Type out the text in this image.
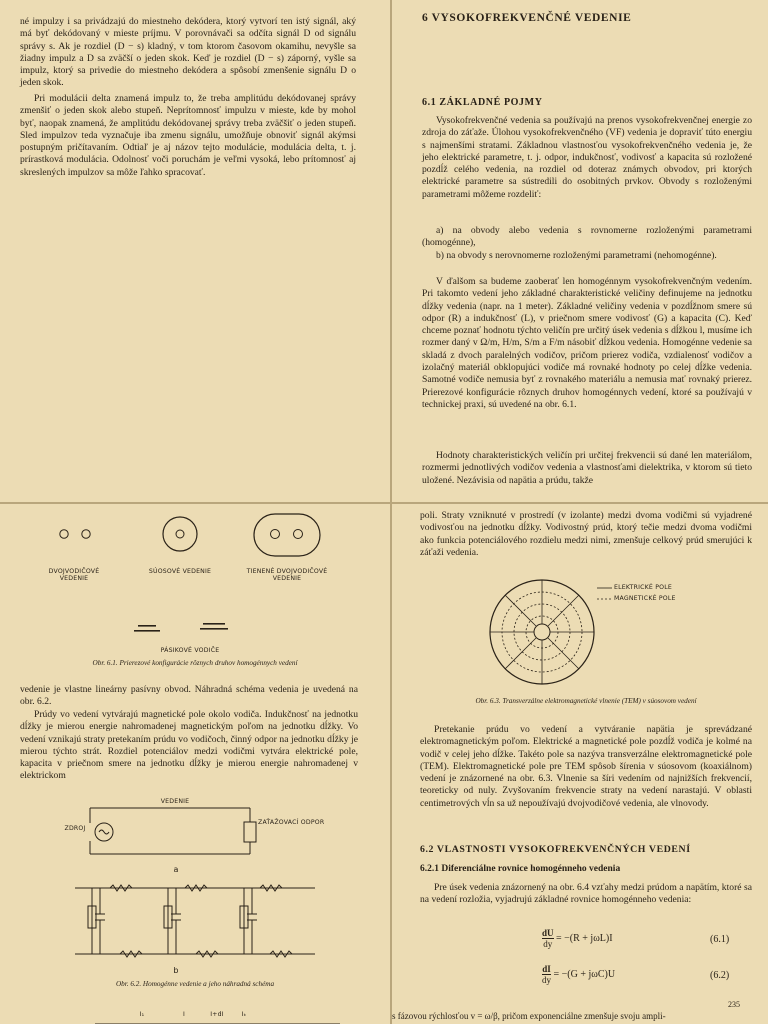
né impulzy i sa privádzajú do miestneho dekódera, ktorý vytvorí ten istý signál, aký má byť dekódovaný v mieste príjmu. V porovnávači sa odčíta signál D od signálu správy s. Ak je rozdiel (D − s) kladný, v tom ktorom časovom okamihu, nevyšle sa žiadny impulz a D sa zväčší o jeden skok. Keď je rozdiel (D − s) záporný, vyšle sa impulz, ktorý sa privedie do miestneho dekódera a spôsobí zmenšenie signálu D o jeden skok.

Pri modulácii delta znamená impulz to, že treba amplitúdu dekódovanej správy zmenšiť o jeden skok alebo stupeň. Neprítomnosť impulzu v mieste, kde by mohol byť, naopak znamená, že amplitúdu dekódovanej správy treba zväčšiť o jeden stupeň. Sled impulzov teda vyznačuje iba zmenu signálu, umožňuje obnoviť signál akýmsi postupným pričítavaním. Odtiaľ je aj názov tejto modulácie, modulácia delta, t. j. prírastková modulácia. Odolnosť voči poruchám je veľmi vysoká, lebo prítomnosť aj skreslených impulzov sa môže ľahko spracovať.

6 VYSOKOFREKVENČNÉ VEDENIE
6.1 ZÁKLADNÉ POJMY

Vysokofrekvenčné vedenia sa používajú na prenos vysokofrekvenčnej energie zo zdroja do záťaže. Úlohou vysokofrekvenčného (VF) vedenia je dopraviť túto energiu s najmenšími stratami. Základnou vlastnosťou vysokofrekvenčného vedenia je, že jeho elektrické parametre, t. j. odpor, indukčnosť, vodivosť a kapacita sú rozložené pozdĺž celého vedenia, na rozdiel od doteraz známych obvodov, pri ktorých elektrické parametre sa sústredili do osobitných prvkov. Obvody s rozloženými parametrami môžeme rozdeliť:

a) na obvody alebo vedenia s rovnomerne rozloženými parametrami (homogénne),

b) na obvody s nerovnomerne rozloženými parametrami (nehomogénne).

V ďalšom sa budeme zaoberať len homogénnym vysokofrekvenčným vedením. Pri takomto vedení jeho základné charakteristické veličiny definujeme na jednotku dĺžky vedenia (napr. na 1 meter). Základné veličiny vedenia v pozdĺžnom smere sú odpor (R) a indukčnosť (L), v priečnom smere vodivosť (G) a kapacita (C). Keď chceme poznať hodnotu týchto veličín pre určitý úsek vedenia s dĺžkou l, musíme ich rozmer daný v Ω/m, H/m, S/m a F/m násobiť dĺžkou vedenia. Homogénne vedenie sa skladá z dvoch paralelných vodičov, pričom prierez vodiča, vzdialenosť vodičov a izolačný materiál obklopujúci vodiče má rovnaké hodnoty po celej dĺžke vedenia. Samotné vodiče nemusia byť z rovnakého materiálu a nemusia mať rovnaký prierez. Prierezové konfigurácie rôznych druhov homogénnych vedení, ktoré sa používajú v technickej praxi, sú uvedené na obr. 6.1.

Hodnoty charakteristických veličín pri určitej frekvencii sú dané len materiálom, rozmermi jednotlivých vodičov vedenia a vlastnosťami dielektrika, v ktorom sú tieto uložené. Nezávisia od napätia a prúdu, takže

DVOJVODIČOVÉ VEDENIE
SÚOSOVÉ VEDENIE	TIENENÉ DVOJVODIČOVÉ VEDENIE
PÁSIKOVÉ VODIČE
Obr. 6.1. Prierezové konfigurácie rôznych druhov homogénnych vedení

vedenie je vlastne lineárny pasívny obvod. Náhradná schéma vedenia je uvedená na obr. 6.2.

Prúdy vo vedení vytvárajú magnetické pole okolo vodiča. Indukčnosť na jednotku dĺžky je mierou energie nahromadenej magnetickým poľom na jednotku dĺžky. Vo vedení vznikajú straty pretekaním prúdu vo vodičoch, činný odpor na jednotku dĺžky je mierou týchto strát. Rozdiel potenciálov medzi vodičmi vytvára elektrické pole, kapacita v priečnom smere na jednotku dĺžky je mierou energie nahromadenej v elektrickom

VEDENIE
ZDROJ
ZAŤAŽOVACÍ ODPOR
a
b
Obr. 6.2. Homogénne vedenie a jeho náhradná schéma
I₁	I	I+dI	Iₖ

poli. Straty vzniknuté v prostredí (v izolante) medzi dvoma vodičmi sú vyjadrené vodivosťou na jednotku dĺžky. Vodivostný prúd, ktorý tečie medzi dvoma vodičmi ako funkcia potenciálového rozdielu medzi nimi, zmenšuje celkový prúd smerujúci k záťaži vedenia.

ELEKTRICKÉ POLE
MAGNETICKÉ POLE
Obr. 6.3. Transverzálne elektromagnetické vlnenie (TEM) v súosovom vedení

Pretekanie prúdu vo vedení a vytváranie napätia je sprevádzané elektromagnetickým poľom. Elektrické a magnetické pole pozdĺž vodiča je kolmé na vodič v celej jeho dĺžke. Takéto pole sa nazýva transverzálne elektromagnetické pole (TEM). Elektromagnetické pole pre TEM spôsob šírenia v súosovom (koaxiálnom) vedení je znázornené na obr. 6.3. Vlnenie sa šíri vedením od najnižších frekvencií, teoreticky od nuly. Zvyšovaním frekvencie straty na vedení narastajú. V oblasti centimetrových vĺn sa už nepoužívajú dvojvodičové vedenia, ale vlnovody.

6.2 VLASTNOSTI VYSOKOFREKVENČNÝCH VEDENÍ
6.2.1 Diferenciálne rovnice homogénneho vedenia

Pre úsek vedenia znázornený na obr. 6.4 vzťahy medzi prúdom a napätím, ktoré sa na vedení rozložia, vyjadrujú základné rovnice homogénneho vedenia:

$\frac{dU}{dy} = -(R + j\omega L)I$	(6.1)
$\frac{dI}{dy} = -(G + j\omega C)U$	(6.2)
235
s fázovou rýchlosťou v = ω/β, pričom exponenciálne zmenšuje svoju ampli-
